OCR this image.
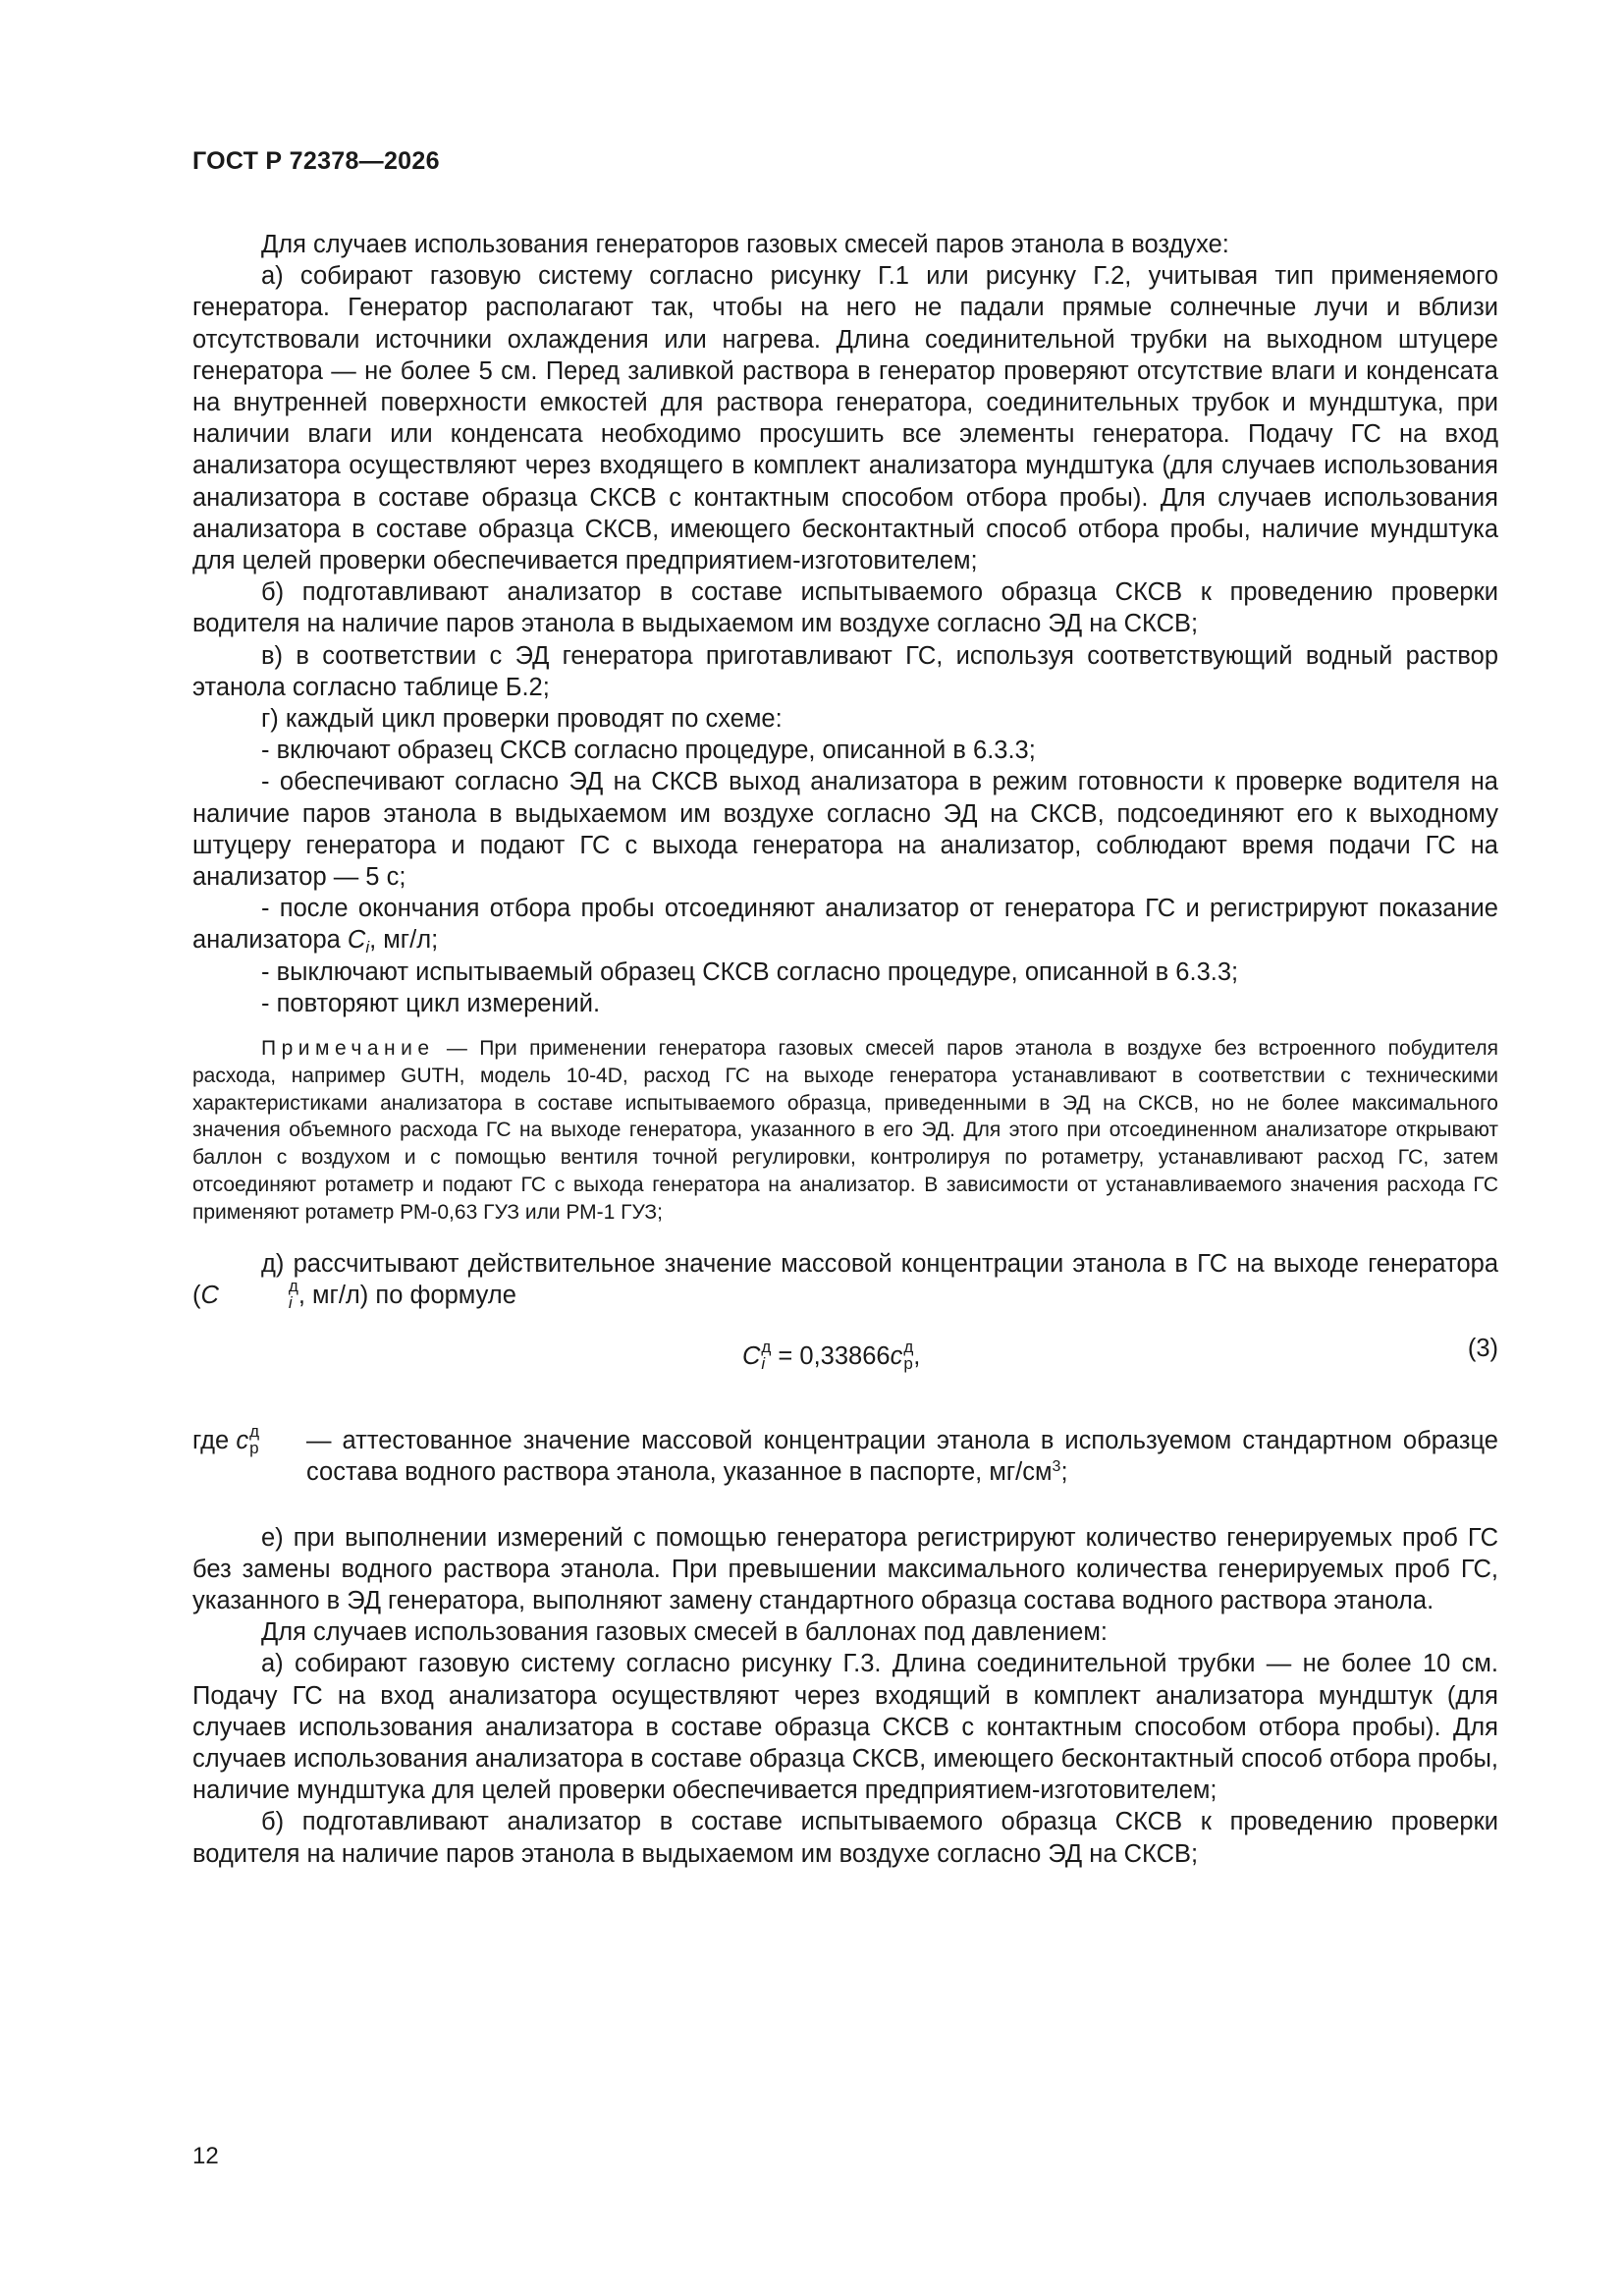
ГОСТ Р 72378—2026

Для случаев использования генераторов газовых смесей паров этанола в воздухе:

а) собирают газовую систему согласно рисунку Г.1 или рисунку Г.2, учитывая тип применяемого генератора. Генератор располагают так, чтобы на него не падали прямые солнечные лучи и вблизи отсутствовали источники охлаждения или нагрева. Длина соединительной трубки на выходном штуцере генератора — не более 5 см. Перед заливкой раствора в генератор проверяют отсутствие влаги и конденсата на внутренней поверхности емкостей для раствора генератора, соединительных трубок и мундштука, при наличии влаги или конденсата необходимо просушить все элементы генератора. Подачу ГС на вход анализатора осуществляют через входящего в комплект анализатора мундштука (для случаев использования анализатора в составе образца СКСВ с контактным способом отбора пробы). Для случаев использования анализатора в составе образца СКСВ, имеющего бесконтактный способ отбора пробы, наличие мундштука для целей проверки обеспечивается предприятием-изготовителем;

б) подготавливают анализатор в составе испытываемого образца СКСВ к проведению проверки водителя на наличие паров этанола в выдыхаемом им воздухе согласно ЭД на СКСВ;

в) в соответствии с ЭД генератора приготавливают ГС, используя соответствующий водный раствор этанола согласно таблице Б.2;

г) каждый цикл проверки проводят по схеме:

- включают образец СКСВ согласно процедуре, описанной в 6.3.3;

- обеспечивают согласно ЭД на СКСВ выход анализатора в режим готовности к проверке водителя на наличие паров этанола в выдыхаемом им воздухе согласно ЭД на СКСВ, подсоединяют его к выходному штуцеру генератора и подают ГС с выхода генератора на анализатор, соблюдают время подачи ГС на анализатор — 5 с;

- после окончания отбора пробы отсоединяют анализатор от генератора ГС и регистрируют показание анализатора $C_i$, мг/л;

- выключают испытываемый образец СКСВ согласно процедуре, описанной в 6.3.3;

- повторяют цикл измерений.

Примечание — При применении генератора газовых смесей паров этанола в воздухе без встроенного побудителя расхода, например GUTH, модель 10-4D, расход ГС на выходе генератора устанавливают в соответствии с техническими характеристиками анализатора в составе испытываемого образца, приведенными в ЭД на СКСВ, но не более максимального значения объемного расхода ГС на выходе генератора, указанного в его ЭД. Для этого при отсоединенном анализаторе открывают баллон с воздухом и с помощью вентиля точной регулировки, контролируя по ротаметру, устанавливают расход ГС, затем отсоединяют ротаметр и подают ГС с выхода генератора на анализатор. В зависимости от устанавливаемого значения расхода ГС применяют ротаметр РМ-0,63 ГУЗ или РМ-1 ГУЗ;

д) рассчитывают действительное значение массовой концентрации этанола в ГС на выходе генератора (C	д
i , мг/л) по формуле

C д
i = 0,33866c д
р ,	(3)

где c д
р — аттестованное значение массовой концентрации этанола в используемом стандартном образце состава водного раствора этанола, указанное в паспорте, $мг/см^3$;

е) при выполнении измерений с помощью генератора регистрируют количество генерируемых проб ГС без замены водного раствора этанола. При превышении максимального количества генерируемых проб ГС, указанного в ЭД генератора, выполняют замену стандартного образца состава водного раствора этанола.

Для случаев использования газовых смесей в баллонах под давлением:

а) собирают газовую систему согласно рисунку Г.3. Длина соединительной трубки — не более 10 см. Подачу ГС на вход анализатора осуществляют через входящий в комплект анализатора мундштук (для случаев использования анализатора в составе образца СКСВ с контактным способом отбора пробы). Для случаев использования анализатора в составе образца СКСВ, имеющего бесконтактный способ отбора пробы, наличие мундштука для целей проверки обеспечивается предприятием-изготовителем;

б) подготавливают анализатор в составе испытываемого образца СКСВ к проведению проверки водителя на наличие паров этанола в выдыхаемом им воздухе согласно ЭД на СКСВ;

12
